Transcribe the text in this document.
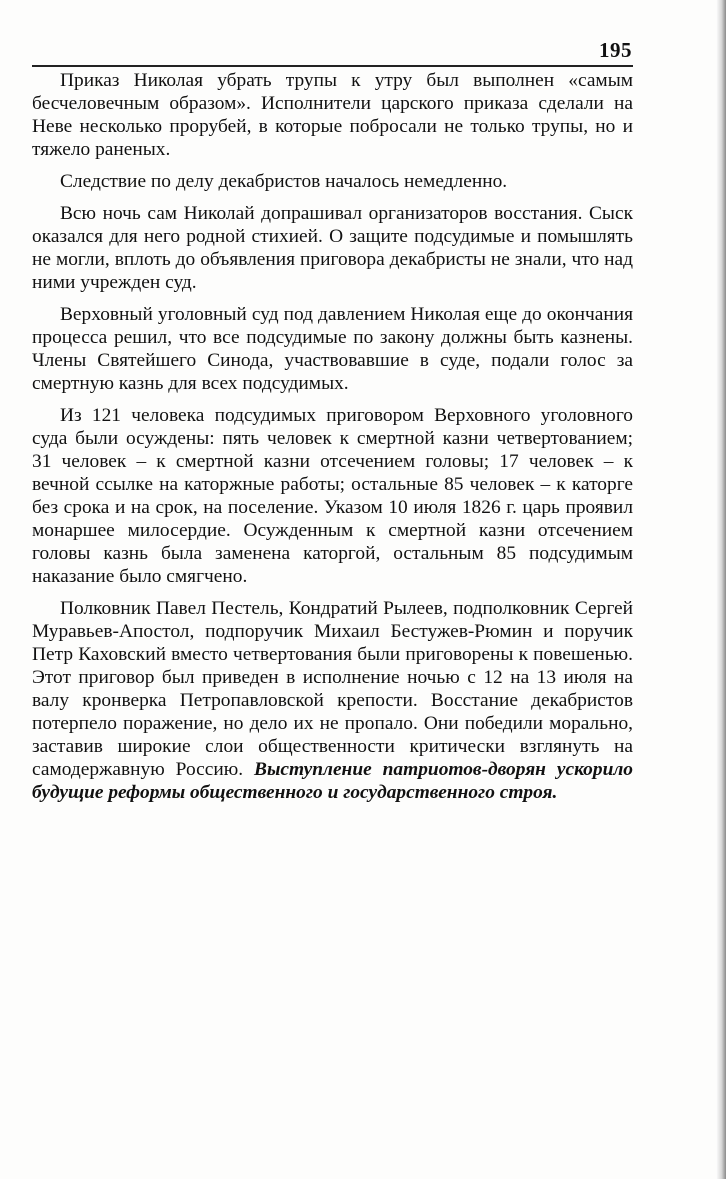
195

Приказ Николая убрать трупы к утру был выполнен «самым бесчеловечным образом». Исполнители царского приказа сделали на Неве несколько прорубей, в которые побросали не только трупы, но и тяжело раненых.

Следствие по делу декабристов началось немедленно.

Всю ночь сам Николай допрашивал организаторов восстания. Сыск оказался для него родной стихией. О защите подсудимые и помышлять не могли, вплоть до объявления приговора декабристы не знали, что над ними учрежден суд.

Верховный уголовный суд под давлением Николая еще до окончания процесса решил, что все подсудимые по закону должны быть казнены. Члены Святейшего Синода, участвовавшие в суде, подали голос за смертную казнь для всех подсудимых.

Из 121 человека подсудимых приговором Верховного уголовного суда были осуждены: пять человек к смертной казни четвертованием; 31 человек – к смертной казни отсечением головы; 17 человек – к вечной ссылке на каторжные работы; остальные 85 человек – к каторге без срока и на срок, на поселение. Указом 10 июля 1826 г. царь проявил монаршее милосердие. Осужденным к смертной казни отсечением головы казнь была заменена каторгой, остальным 85 подсудимым наказание было смягчено.

Полковник Павел Пестель, Кондратий Рылеев, подполковник Сергей Муравьев-Апостол, подпоручик Михаил Бестужев-Рюмин и поручик Петр Каховский вместо четвертования были приговорены к повешенью. Этот приговор был приведен в исполнение ночью с 12 на 13 июля на валу кронверка Петропавловской крепости. Восстание декабристов потерпело поражение, но дело их не пропало. Они победили морально, заставив широкие слои общественности критически взглянуть на самодержавную Россию. Выступление патриотов-дворян ускорило будущие реформы общественного и государственного строя.
